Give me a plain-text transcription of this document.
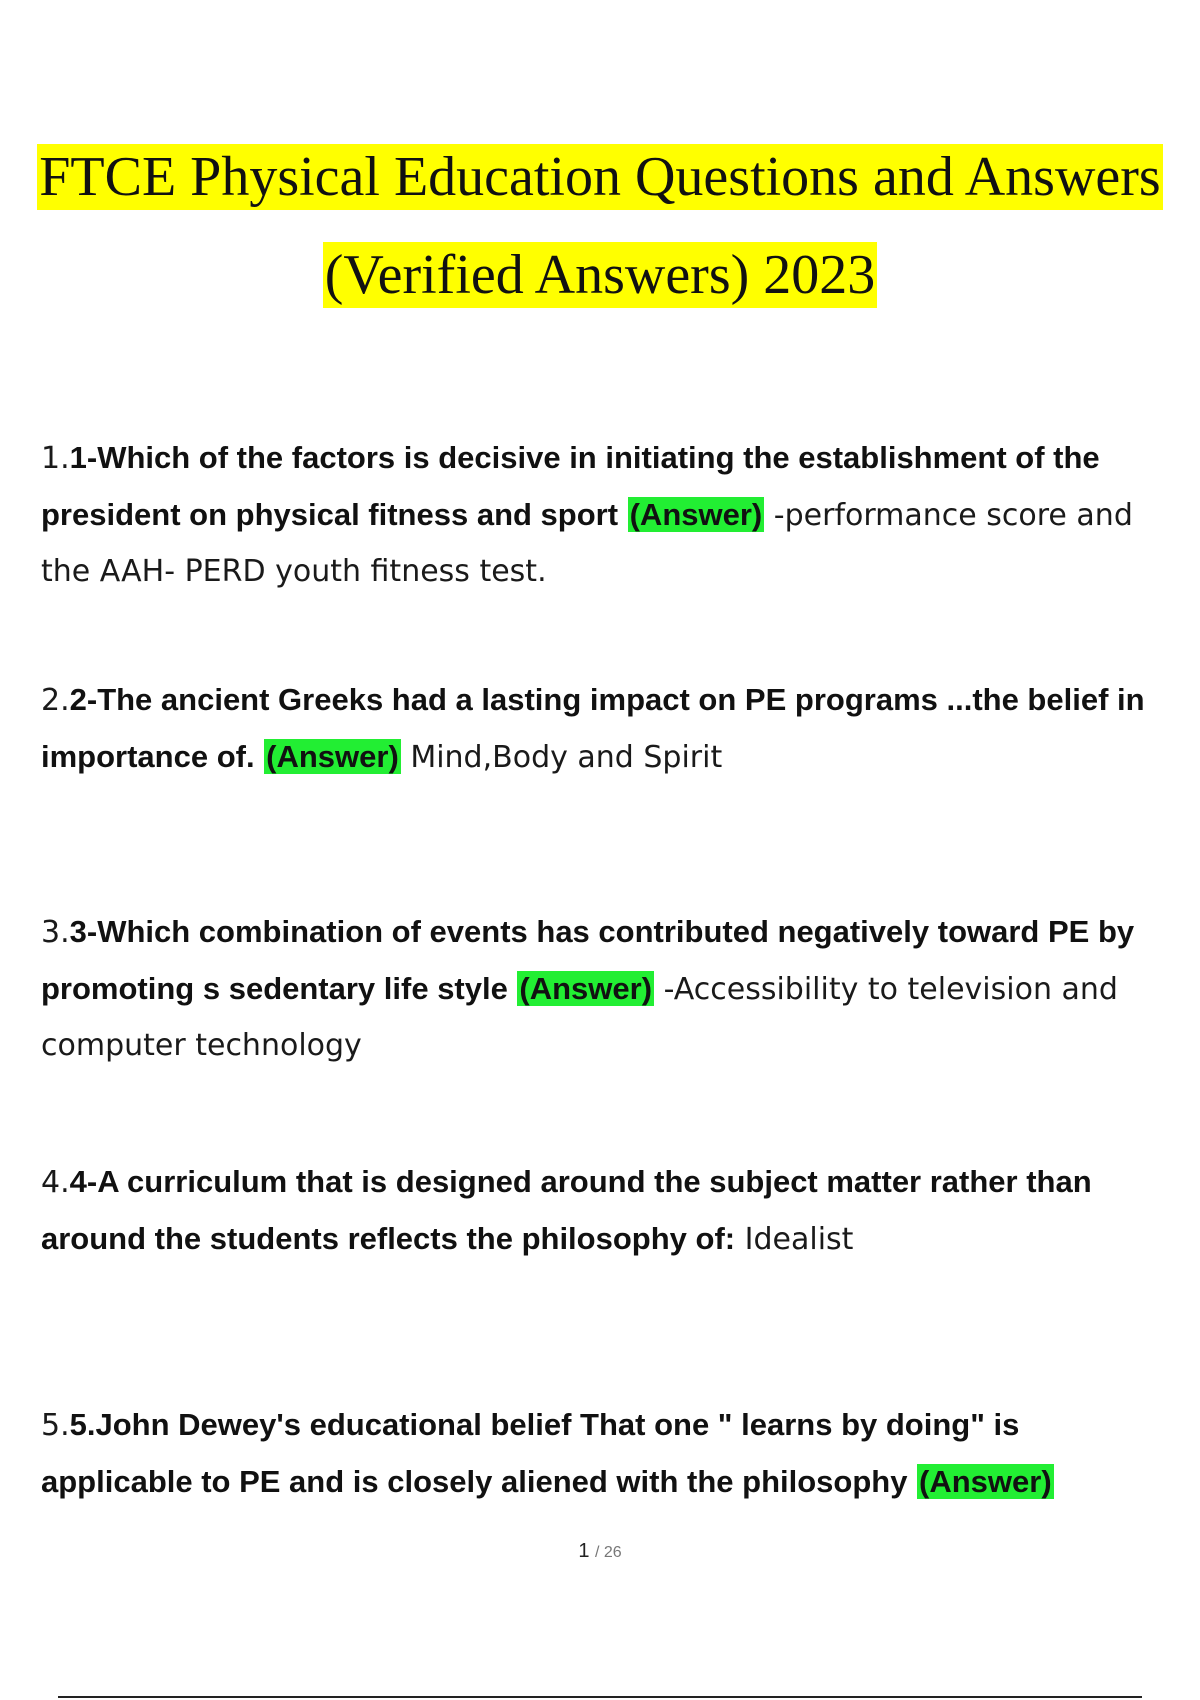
FTCE Physical Education Questions and Answers
(Verified Answers) 2023
1.1-Which of the factors is decisive in initiating the establishment of the president on physical fitness and sport (Answer) -performance score and the AAH- PERD youth fitness test.
2.2-The ancient Greeks had a lasting impact on PE programs ...the belief in importance of. (Answer) Mind,Body and Spirit
3.3-Which combination of events has contributed negatively toward PE by promoting s sedentary life style (Answer) -Accessibility to television and computer technology
4.4-A curriculum that is designed around the subject matter rather than around the students reflects the philosophy of: Idealist
5.5.John Dewey's educational belief That one " learns by doing" is applicable to PE and is closely aliened with the philosophy (Answer)
1 / 26
